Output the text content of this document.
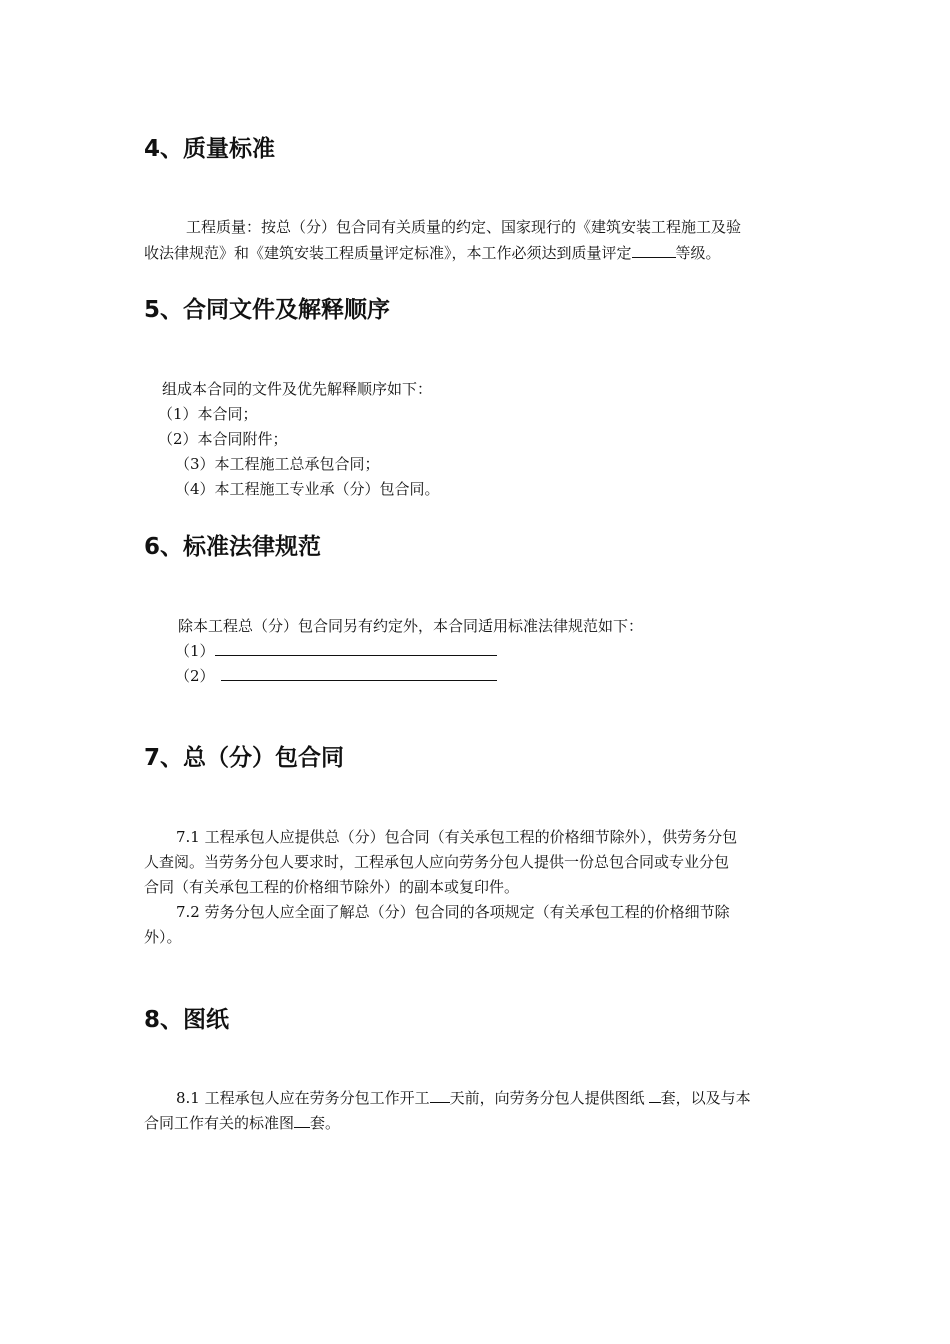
4、质量标准
工程质量：按总（分）包合同有关质量的约定、国家现行的《建筑安装工程施工及验
收法律规范》和《建筑安装工程质量评定标准》，本工作必须达到质量评定	等级。
5、合同文件及解释顺序
组成本合同的文件及优先解释顺序如下：
（1）本合同；
（2）本合同附件；
（3）本工程施工总承包合同；
（4）本工程施工专业承（分）包合同。
6、标准法律规范
除本工程总（分）包合同另有约定外，本合同适用标准法律规范如下：
（1）
（2）
7、总（分）包合同
7.1 工程承包人应提供总（分）包合同（有关承包工程的价格细节除外），供劳务分包
人查阅。当劳务分包人要求时，工程承包人应向劳务分包人提供一份总包合同或专业分包
合同（有关承包工程的价格细节除外）的副本或复印件。
7.2 劳务分包人应全面了解总（分）包合同的各项规定（有关承包工程的价格细节除
外）。
8、图纸
8.1 工程承包人应在劳务分包工作开工 天前，向劳务分包人提供图纸 套，以及与本
合同工作有关的标准图 套。
